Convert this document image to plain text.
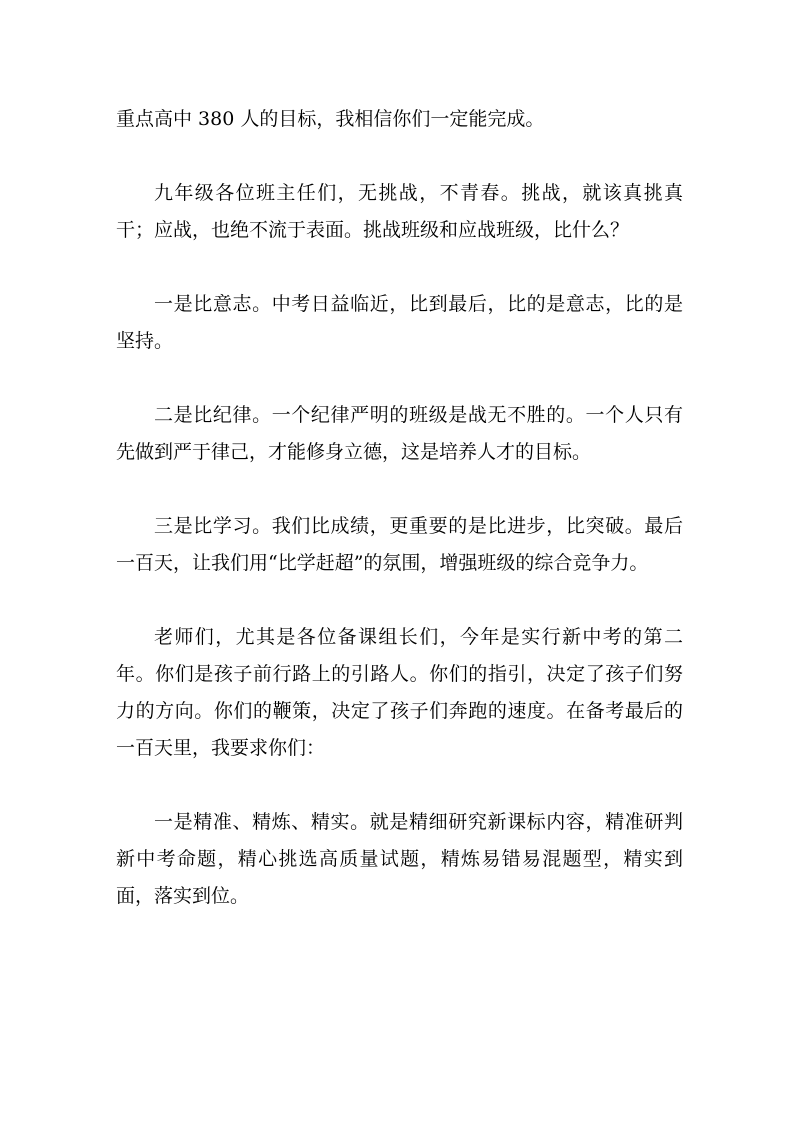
重点高中 380 人的目标，我相信你们一定能完成。

九年级各位班主任们，无挑战，不青春。挑战，就该真挑真干；应战，也绝不流于表面。挑战班级和应战班级，比什么？

一是比意志。中考日益临近，比到最后，比的是意志，比的是坚持。

二是比纪律。一个纪律严明的班级是战无不胜的。一个人只有先做到严于律己，才能修身立德，这是培养人才的目标。

三是比学习。我们比成绩，更重要的是比进步，比突破。最后一百天，让我们用“比学赶超”的氛围，增强班级的综合竞争力。

老师们，尤其是各位备课组长们，今年是实行新中考的第二年。你们是孩子前行路上的引路人。你们的指引，决定了孩子们努力的方向。你们的鞭策，决定了孩子们奔跑的速度。在备考最后的一百天里，我要求你们：

一是精准、精炼、精实。就是精细研究新课标内容，精准研判新中考命题，精心挑选高质量试题，精炼易错易混题型，精实到面，落实到位。
